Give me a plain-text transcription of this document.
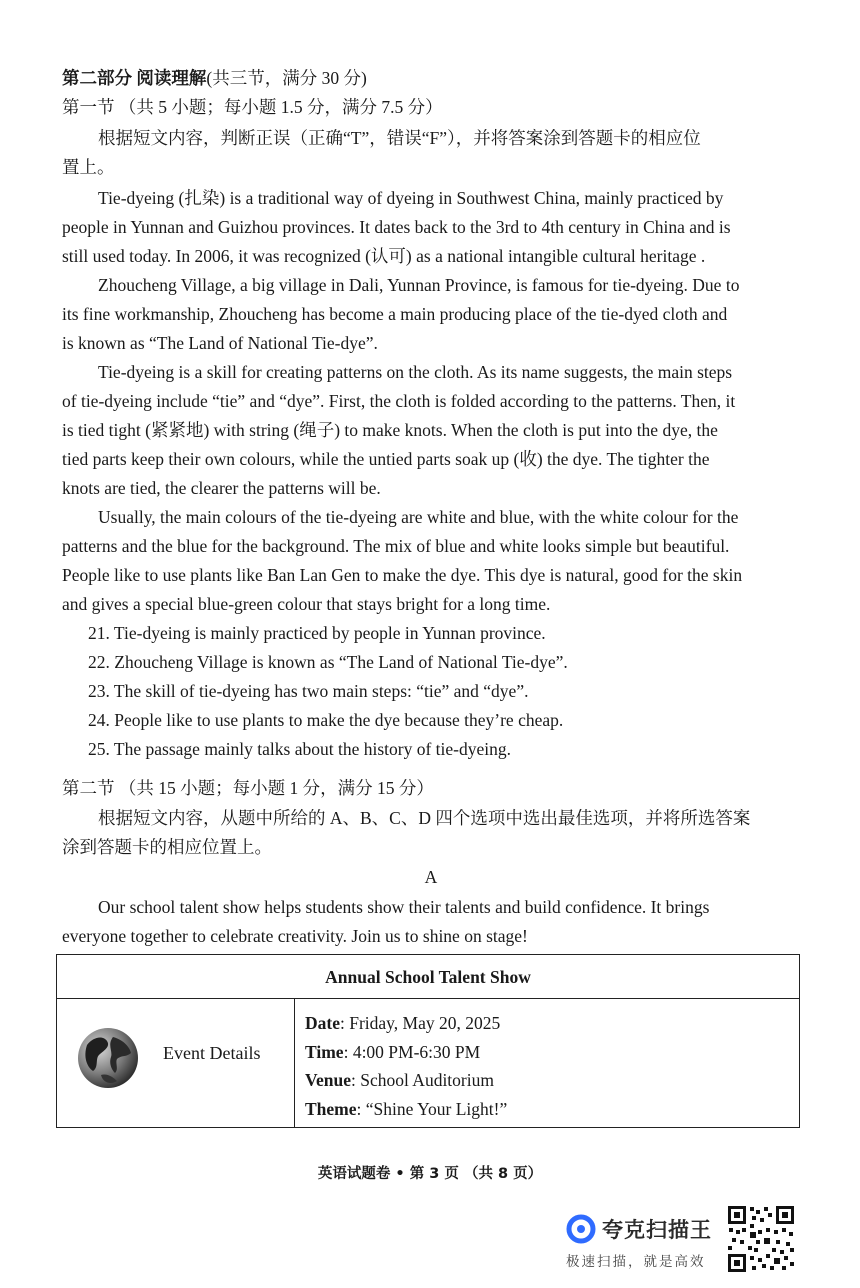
第二部分 阅读理解(共三节，满分 30 分)
第一节 （共 5 小题；每小题 1.5 分，满分 7.5 分）
根据短文内容，判断正误（正确“T”，错误“F”），并将答案涂到答题卡的相应位
置上。
Tie-dyeing (扎染) is a traditional way of dyeing in Southwest China, mainly practiced by
people in Yunnan and Guizhou provinces. It dates back to the 3rd to 4th century in China and is
still used today. In 2006, it was recognized (认可) as a national intangible cultural heritage .
Zhoucheng Village, a big village in Dali, Yunnan Province, is famous for tie-dyeing. Due to
its fine workmanship, Zhoucheng has become a main producing place of the tie-dyed cloth and
is known as “The Land of National Tie-dye”.
Tie-dyeing is a skill for creating patterns on the cloth. As its name suggests, the main steps
of tie-dyeing include “tie” and “dye”. First, the cloth is folded according to the patterns. Then, it
is tied tight (紧紧地) with string (绳子) to make knots. When the cloth is put into the dye, the
tied parts keep their own colours, while the untied parts soak up (收) the dye. The tighter the
knots are tied, the clearer the patterns will be.
Usually, the main colours of the tie-dyeing are white and blue, with the white colour for the
patterns and the blue for the background. The mix of blue and white looks simple but beautiful.
People like to use plants like Ban Lan Gen to make the dye. This dye is natural, good for the skin
and gives a special blue-green colour that stays bright for a long time.
21. Tie-dyeing is mainly practiced by people in Yunnan province.
22. Zhoucheng Village is known as “The Land of National Tie-dye”.
23. The skill of tie-dyeing has two main steps: “tie” and “dye”.
24. People like to use plants to make the dye because they’re cheap.
25. The passage mainly talks about the history of tie-dyeing.
第二节 （共 15 小题；每小题 1 分，满分 15 分）
根据短文内容，从题中所给的 A、B、C、D 四个选项中选出最佳选项，并将所选答案
涂到答题卡的相应位置上。
A
Our school talent show helps students show their talents and build confidence. It brings
everyone together to celebrate creativity. Join us to shine on stage!
Annual School Talent Show
Event Details
Date: Friday, May 20, 2025
Time: 4:00 PM-6:30 PM
Venue: School Auditorium
Theme: “Shine Your Light!”
英语试题卷 • 第 3 页 （共 8 页）
夸克扫描王
极速扫描，就是高效
